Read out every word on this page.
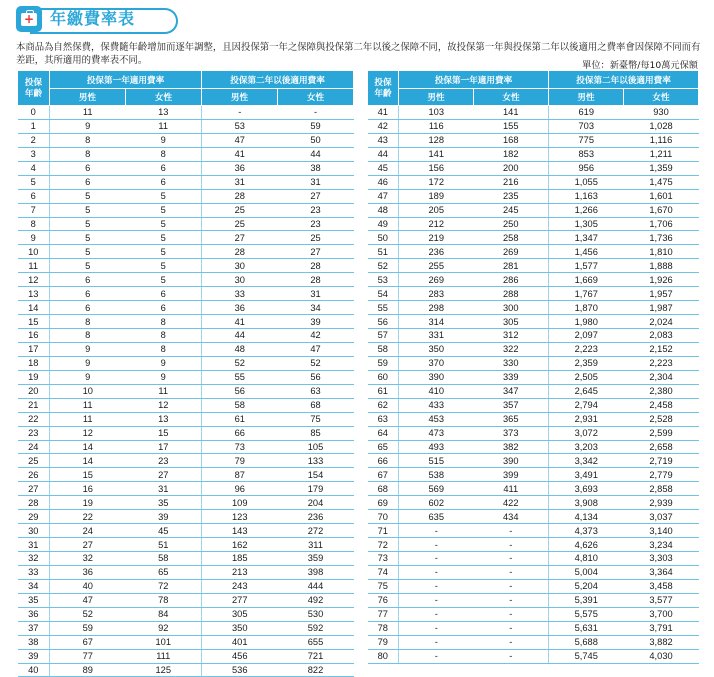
+ 年繳費率表
本商品為自然保費，保費隨年齡增加而逐年調整，且因投保第一年之保障與投保第二年以後之保障不同，故投保第一年與投保第二年以後適用之費率會因保障不同而有差距，其所適用的費率表不同。	單位：新臺幣/每10萬元保額
投保
年齡	投保第一年適用費率		投保第二年以後適用費率	
	男性	女性	男性	女性
0	11	13	-	-
1	9	11	53	59
2	8	9	47	50
3	8	8	41	44
4	6	6	36	38
5	6	6	31	31
6	5	5	28	27
7	5	5	25	23
8	5	5	25	23
9	5	5	27	25
10	5	5	28	27
11	5	5	30	28
12	6	5	30	28
13	6	6	33	31
14	6	6	36	34
15	8	8	41	39
16	8	8	44	42
17	9	8	48	47
18	9	9	52	52
19	9	9	55	56
20	10	11	56	63
21	11	12	58	68
22	11	13	61	75
23	12	15	66	85
24	14	17	73	105
25	14	23	79	133
26	15	27	87	154
27	16	31	96	179
28	19	35	109	204
29	22	39	123	236
30	24	45	143	272
31	27	51	162	311
32	32	58	185	359
33	36	65	213	398
34	40	72	243	444
35	47	78	277	492
36	52	84	305	530
37	59	92	350	592
38	67	101	401	655
39	77	111	456	721
40	89	125	536	822
投保
年齡	投保第一年適用費率		投保第二年以後適用費率	
	男性	女性	男性	女性
41	103	141	619	930
42	116	155	703	1,028
43	128	168	775	1,116
44	141	182	853	1,211
45	156	200	956	1,359
46	172	216	1,055	1,475
47	189	235	1,163	1,601
48	205	245	1,266	1,670
49	212	250	1,305	1,706
50	219	258	1,347	1,736
51	236	269	1,456	1,810
52	255	281	1,577	1,888
53	269	286	1,669	1,926
54	283	288	1,767	1,957
55	298	300	1,870	1,987
56	314	305	1,980	2,024
57	331	312	2,097	2,083
58	350	322	2,223	2,152
59	370	330	2,359	2,223
60	390	339	2,505	2,304
61	410	347	2,645	2,380
62	433	357	2,794	2,458
63	453	365	2,931	2,528
64	473	373	3,072	2,599
65	493	382	3,203	2,658
66	515	390	3,342	2,719
67	538	399	3,491	2,779
68	569	411	3,693	2,858
69	602	422	3,908	2,939
70	635	434	4,134	3,037
71	-	-	4,373	3,140
72	-	-	4,626	3,234
73	-	-	4,810	3,303
74	-	-	5,004	3,364
75	-	-	5,204	3,458
76	-	-	5,391	3,577
77	-	-	5,575	3,700
78	-	-	5,631	3,791
79	-	-	5,688	3,882
80	-	-	5,745	4,030
